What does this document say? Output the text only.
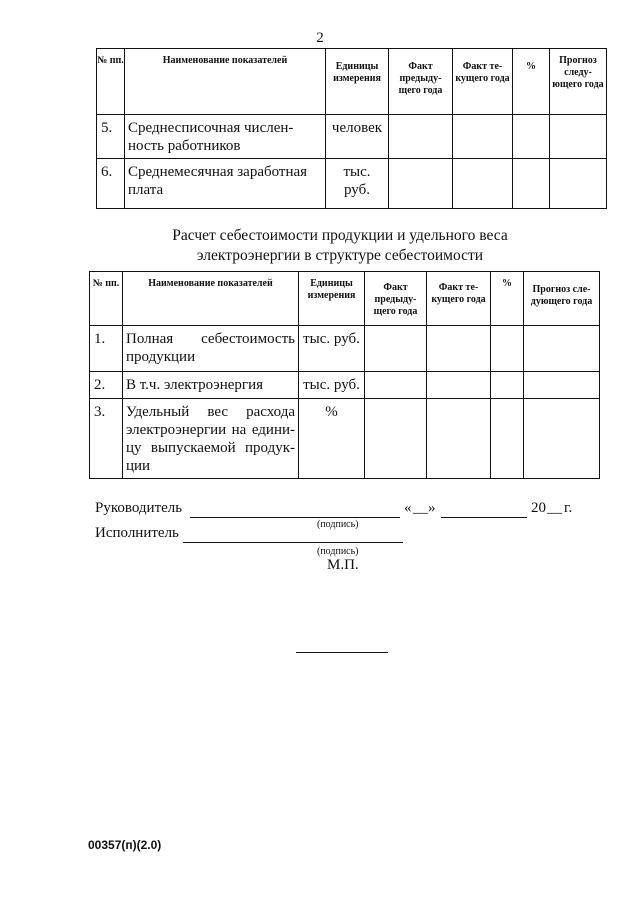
2
№ пп.	Наименование показателей	Единицы измерения	Факт предыду-щего года	Факт те-кущего года	%	Прогноз следу-ющего года
5.	Среднесписочная числен-ность работников	человек				
6.	Среднемесячная заработная плата	тыс. руб.				
Расчет себестоимости продукции и удельного веса
электроэнергии в структуре себестоимости
№ пп.	Наименование показателей	Единицы измерения	Факт предыду-щего года	Факт те-кущего года	%	Прогноз сле-дующего года
1.	Полная себестоимость продукции	тыс. руб.				
2.	В т.ч. электроэнергия	тыс. руб.				
3.	Удельный вес расхода электроэнергии на едини-цу выпускаемой продук-ции	%				
Руководитель	« __ »	20 __ г.
(подпись)
Исполнитель
(подпись)
М.П.
00357(п)(2.0)
